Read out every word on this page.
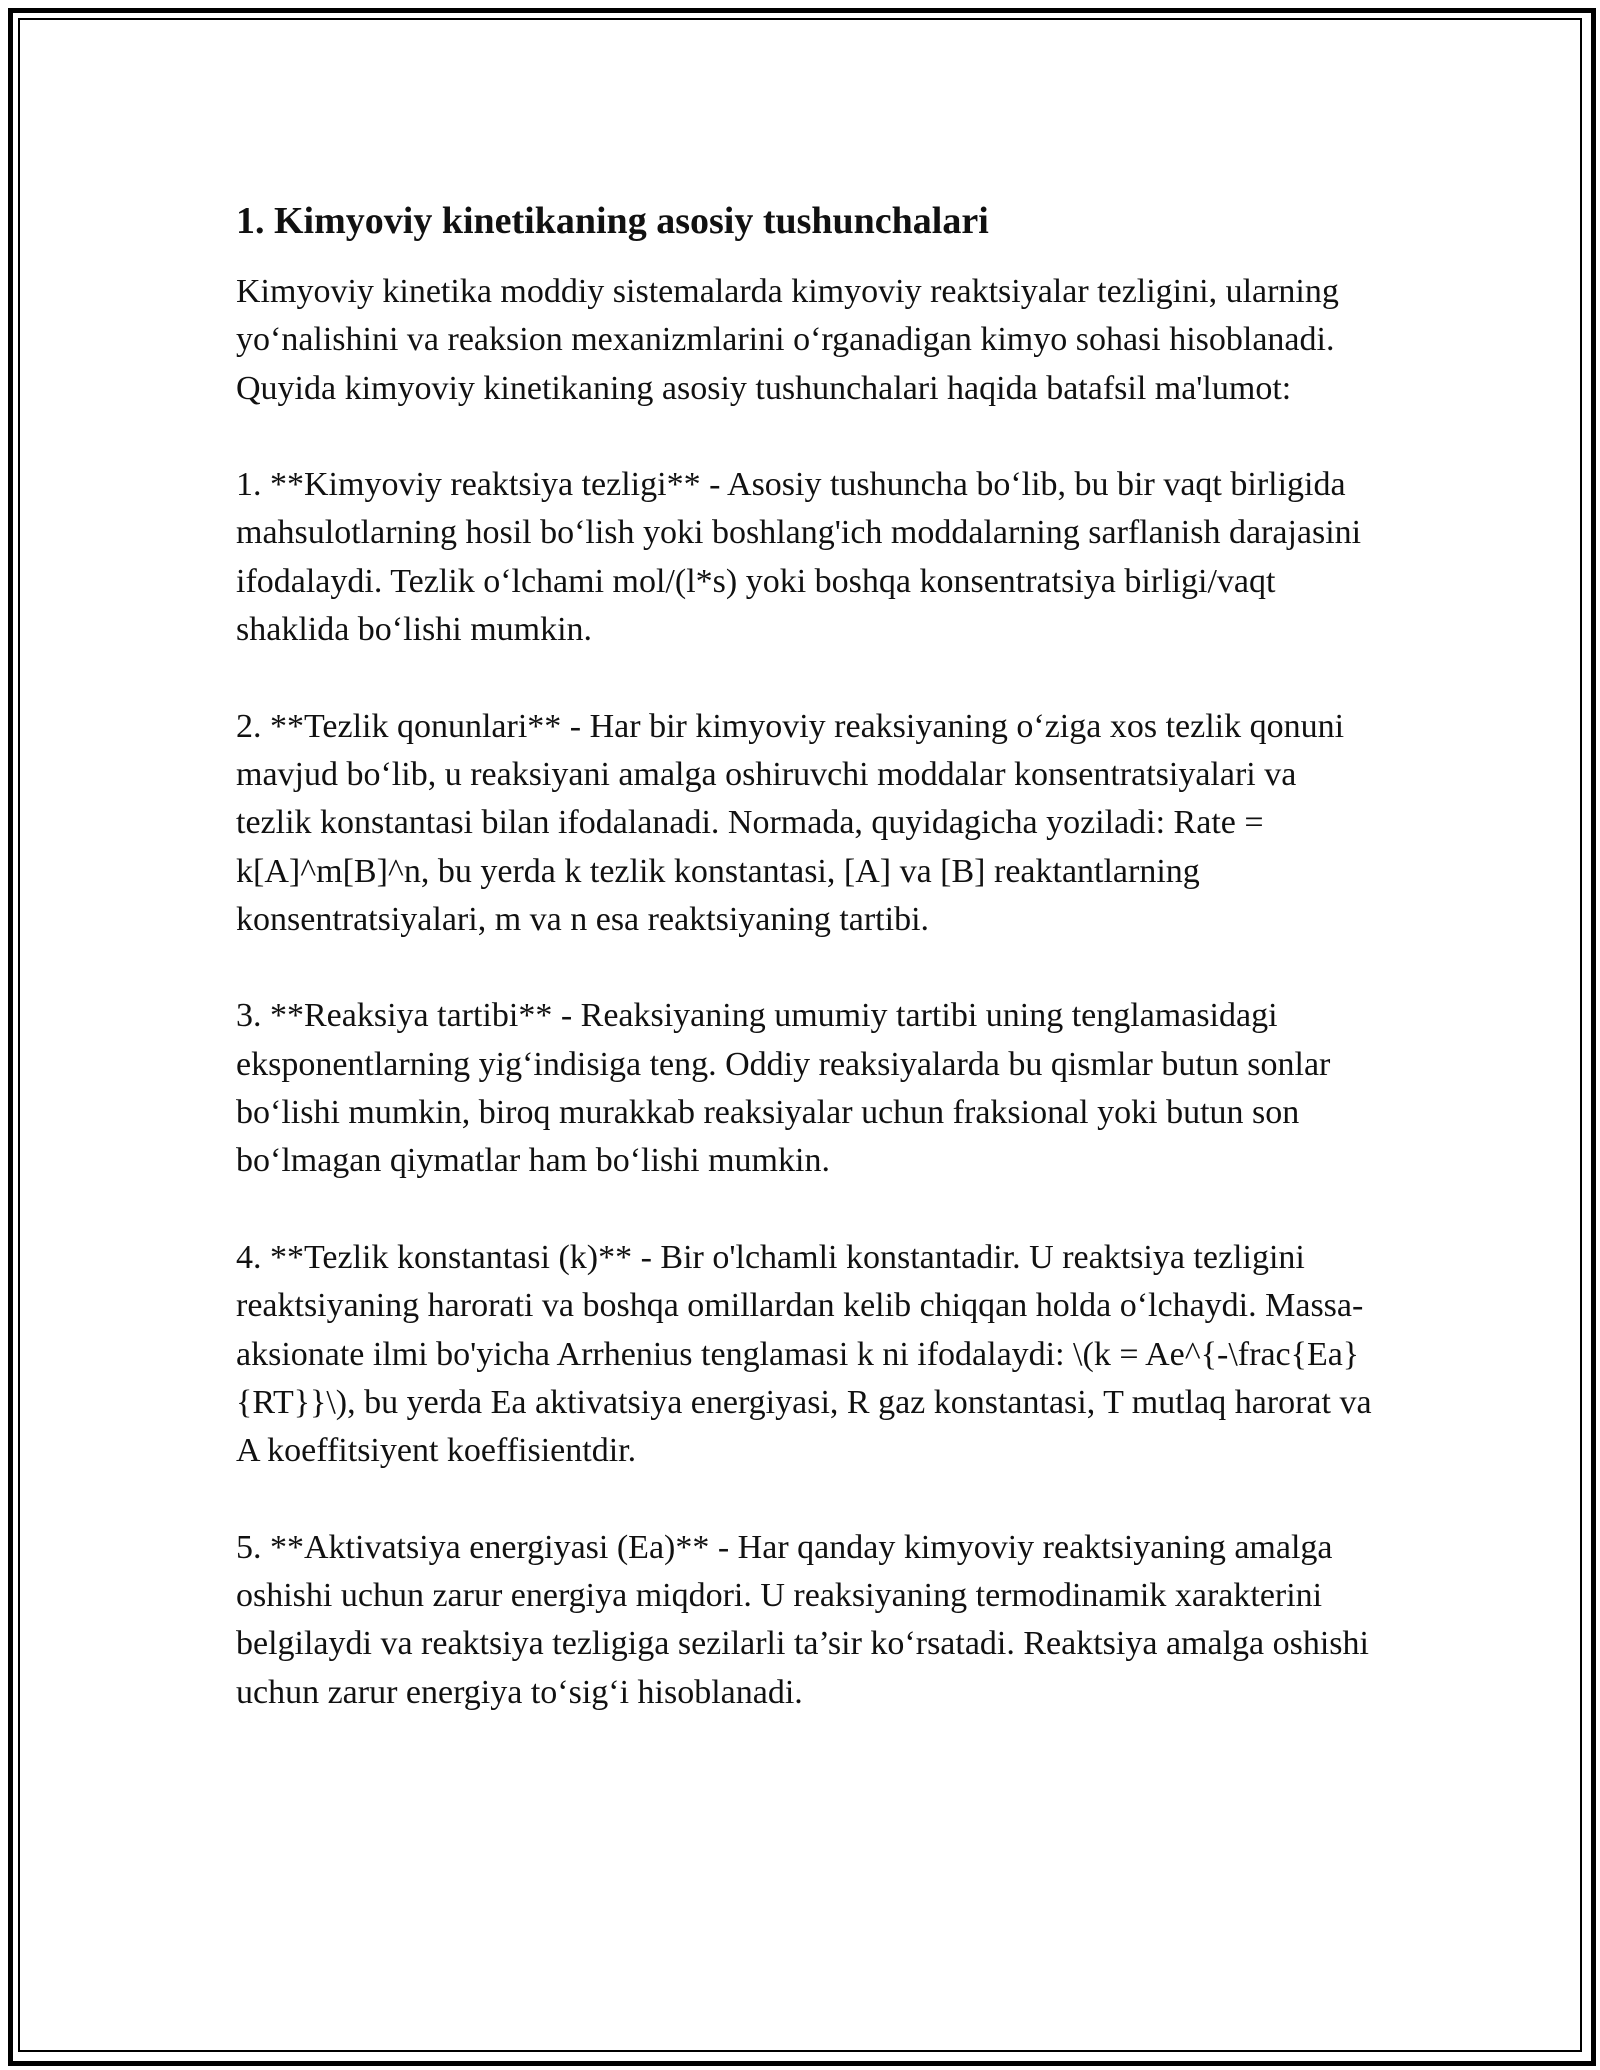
1. Kimyoviy kinetikaning asosiy tushunchalari

Kimyoviy kinetika moddiy sistemalarda kimyoviy reaktsiyalar tezligini, ularning yo‘nalishini va reaksion mexanizmlarini o‘rganadigan kimyo sohasi hisoblanadi. Quyida kimyoviy kinetikaning asosiy tushunchalari haqida batafsil ma'lumot:

1. **Kimyoviy reaktsiya tezligi** - Asosiy tushuncha bo‘lib, bu bir vaqt birligida mahsulotlarning hosil bo‘lish yoki boshlang'ich moddalarning sarflanish darajasini ifodalaydi. Tezlik o‘lchami mol/(l*s) yoki boshqa konsentratsiya birligi/vaqt shaklida bo‘lishi mumkin.

2. **Tezlik qonunlari** - Har bir kimyoviy reaksiyaning o‘ziga xos tezlik qonuni mavjud bo‘lib, u reaksiyani amalga oshiruvchi moddalar konsentratsiyalari va tezlik konstantasi bilan ifodalanadi. Normada, quyidagicha yoziladi: Rate = k[A]^m[B]^n, bu yerda k tezlik konstantasi, [A] va [B] reaktantlarning konsentratsiyalari, m va n esa reaktsiyaning tartibi.

3. **Reaksiya tartibi** - Reaksiyaning umumiy tartibi uning tenglamasidagi eksponentlarning yig‘indisiga teng. Oddiy reaksiyalarda bu qismlar butun sonlar bo‘lishi mumkin, biroq murakkab reaksiyalar uchun fraksional yoki butun son bo‘lmagan qiymatlar ham bo‘lishi mumkin.

4. **Tezlik konstantasi (k)** - Bir o'lchamli konstantadir. U reaktsiya tezligini reaktsiyaning harorati va boshqa omillardan kelib chiqqan holda o‘lchaydi. Massa-aksionate ilmi bo'yicha Arrhenius tenglamasi k ni ifodalaydi: \(k = Ae^{-\frac{Ea}{RT}}\), bu yerda Ea aktivatsiya energiyasi, R gaz konstantasi, T mutlaq harorat va A koeffitsiyent koeffisientdir.

5. **Aktivatsiya energiyasi (Ea)** - Har qanday kimyoviy reaktsiyaning amalga oshishi uchun zarur energiya miqdori. U reaksiyaning termodinamik xarakterini belgilaydi va reaktsiya tezligiga sezilarli ta’sir ko‘rsatadi. Reaktsiya amalga oshishi uchun zarur energiya to‘sig‘i hisoblanadi.
